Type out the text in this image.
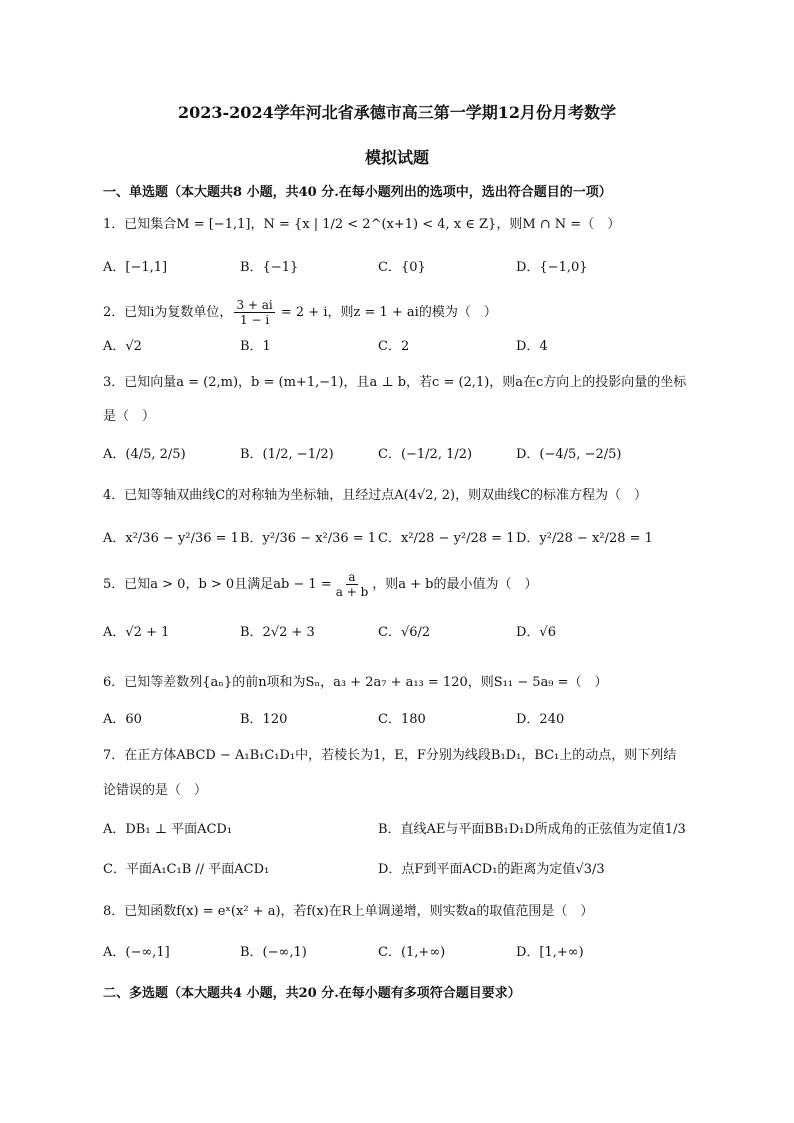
2023-2024学年河北省承德市高三第一学期12月份月考数学
模拟试题
一、单选题（本大题共8 小题，共40 分.在每小题列出的选项中，选出符合题目的一项）
1．已知集合M = [−1,1]，N = {x | 1/2 < 2^(x+1) < 4, x ∈ Z}，则M ∩ N =（　）
A．[−1,1]	B．{−1}	C．{0}	D．{−1,0}
2．已知i为复数单位， $\frac{3 + ai}{1 - i} = 2 + i$，则z = 1 + ai的模为（　）
A．√2	B．1	C．2	D．4
3．已知向量a = (2,m)，b = (m+1,−1)，且a ⊥ b，若c = (2,1)，则a在c方向上的投影向量的坐标
是（　）
A．(4/5, 2/5)	B．(1/2, −1/2)	C．(−1/2, 1/2)	D．(−4/5, −2/5)
4．已知等轴双曲线C的对称轴为坐标轴，且经过点A(4√2, 2)，则双曲线C的标准方程为（　）
A．x²/36 − y²/36 = 1 B．y²/36 − x²/36 = 1 C．x²/28 − y²/28 = 1 D．y²/28 − x²/28 = 1
5．已知a > 0，b > 0且满足ab − $1 = \frac{a}{a + b}$ ，则a + b的最小值为（　）
A．√2 + 1	B．2√2 + 3	C．√6/2	D．√6
6．已知等差数列{aₙ}的前n项和为Sₙ，a₃ + 2a₇ + a₁₃ = 120，则S₁₁ − 5a₉ =（　）
A．60	B．120	C．180	D．240
7．在正方体ABCD − A₁B₁C₁D₁中，若棱长为1，E，F分别为线段B₁D₁，BC₁上的动点，则下列结
论错误的是（　）
A．DB₁ ⊥ 平面ACD₁	B．直线AE与平面BB₁D₁D所成角的正弦值为定值1/3
C．平面A₁C₁B // 平面ACD₁	D．点F到平面ACD₁的距离为定值√3/3
8．已知函数f(x) = eˣ(x² + a)，若f(x)在R上单调递增，则实数a的取值范围是（　）
A．(−∞,1]	B．(−∞,1)	C．(1,+∞)	D．[1,+∞)
二、多选题（本大题共4 小题，共20 分.在每小题有多项符合题目要求）
